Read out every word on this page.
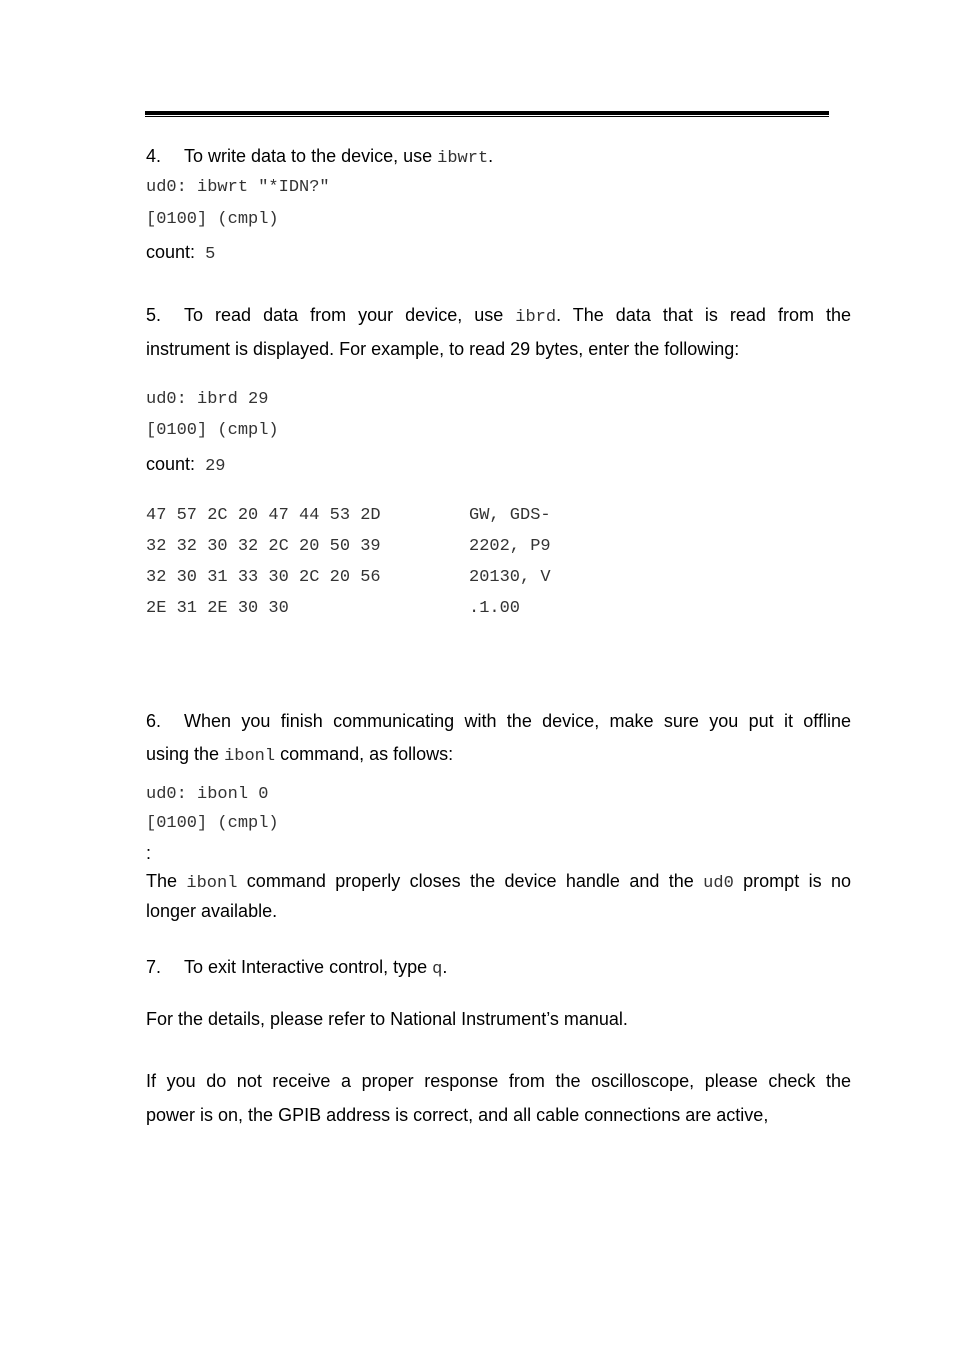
4. To write data to the device, use ibwrt.
ud0: ibwrt "*IDN?"
[0100] (cmpl)
count: 5
5. To read data from your device, use ibrd. The data that is read from the
instrument is displayed. For example, to read 29 bytes, enter the following:
ud0: ibrd 29
[0100] (cmpl)
count: 29
47 57 2C 20 47 44 53 2D	GW, GDS-
32 32 30 32 2C 20 50 39	2202, P9
32 30 31 33 30 2C 20 56	20130, V
2E 31 2E 30 30	.1.00
6. When you finish communicating with the device, make sure you put it offline
using the ibonl command, as follows:
ud0: ibonl 0
[0100] (cmpl)
:
The ibonl command properly closes the device handle and the ud0 prompt is no
longer available.
7. To exit Interactive control, type q.
For the details, please refer to National Instrument’s manual.
If you do not receive a proper response from the oscilloscope, please check the
power is on, the GPIB address is correct, and all cable connections are active,
